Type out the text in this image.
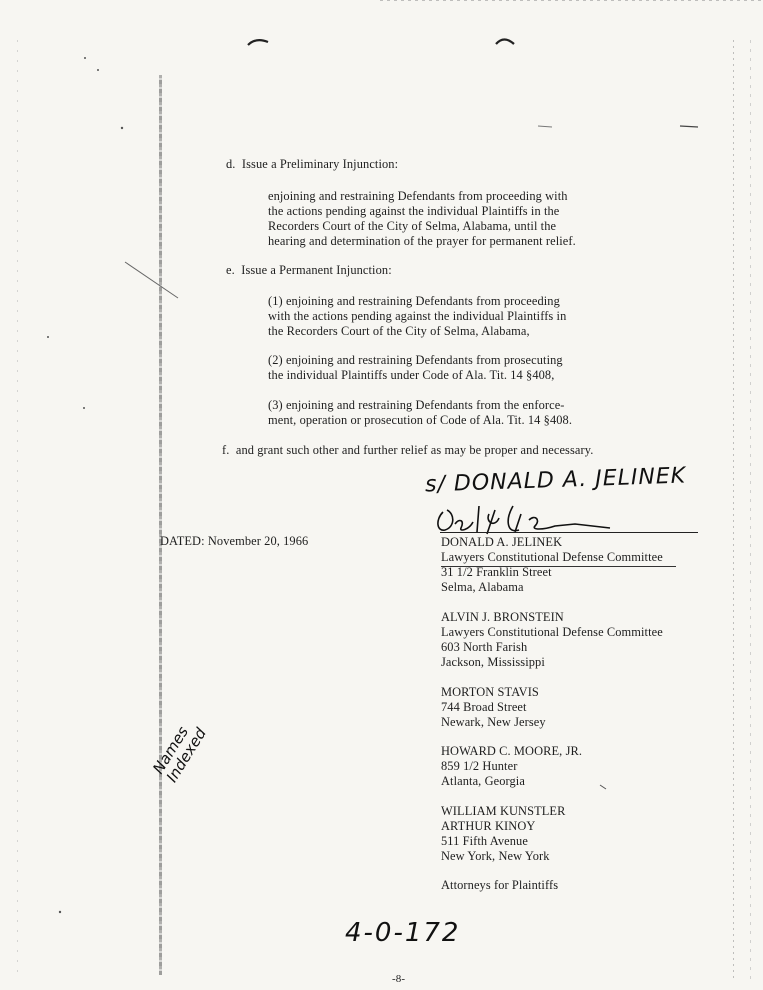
d. Issue a Preliminary Injunction:
enjoining and restraining Defendants from proceeding with
the actions pending against the individual Plaintiffs in the
Recorders Court of the City of Selma, Alabama, until the
hearing and determination of the prayer for permanent relief.
e. Issue a Permanent Injunction:
(1) enjoining and restraining Defendants from proceeding
with the actions pending against the individual Plaintiffs in
the Recorders Court of the City of Selma, Alabama,
(2) enjoining and restraining Defendants from prosecuting
the individual Plaintiffs under Code of Ala. Tit. 14 §408,
(3) enjoining and restraining Defendants from the enforce-
ment, operation or prosecution of Code of Ala. Tit. 14 §408.
f. and grant such other and further relief as may be proper and necessary.
s/ DONALD A. JELINEK
DATED: November 20, 1966	DONALD A. JELINEK
Lawyers Constitutional Defense Committee
31 1/2 Franklin Street
Selma, Alabama
ALVIN J. BRONSTEIN
Lawyers Constitutional Defense Committee
603 North Farish
Jackson, Mississippi
MORTON STAVIS
744 Broad Street
Newark, New Jersey
HOWARD C. MOORE, JR.
859 1/2 Hunter
Atlanta, Georgia
WILLIAM KUNSTLER
ARTHUR KINOY
511 Fifth Avenue
New York, New York
Attorneys for Plaintiffs
Names Indexed
4-0-172
-8-
